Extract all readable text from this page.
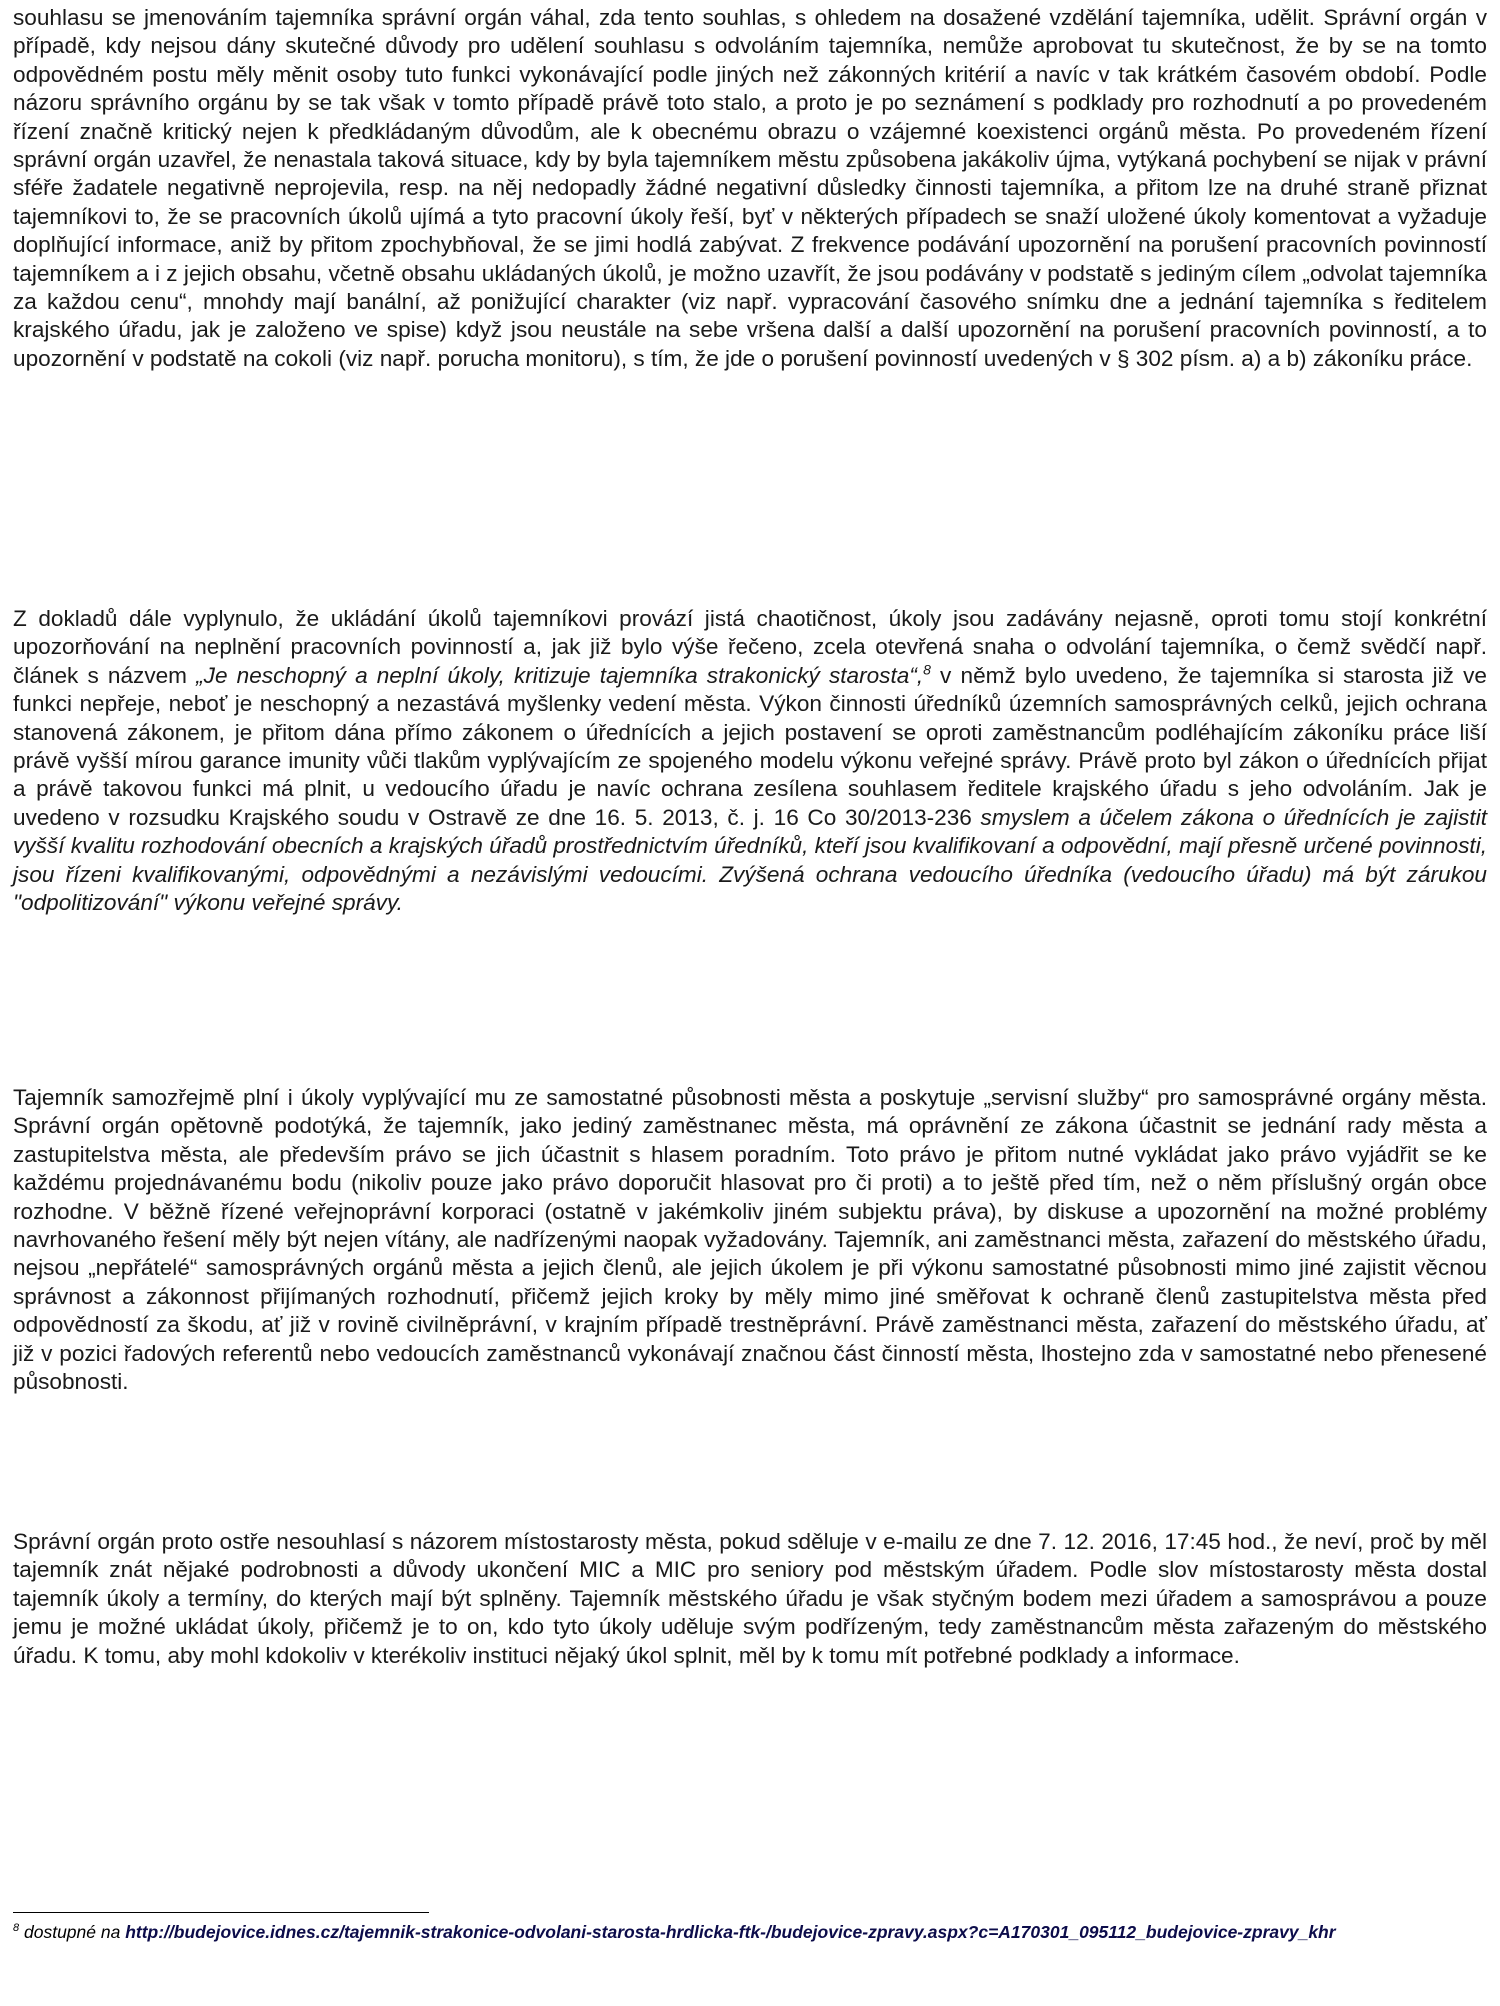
souhlasu se jmenováním tajemníka správní orgán váhal, zda tento souhlas, s ohledem na dosažené vzdělání tajemníka, udělit. Správní orgán v případě, kdy nejsou dány skutečné důvody pro udělení souhlasu s odvoláním tajemníka, nemůže aprobovat tu skutečnost, že by se na tomto odpovědném postu měly měnit osoby tuto funkci vykonávající podle jiných než zákonných kritérií a navíc v tak krátkém časovém období. Podle názoru správního orgánu by se tak však v tomto případě právě toto stalo, a proto je po seznámení s podklady pro rozhodnutí a po provedeném řízení značně kritický nejen k předkládaným důvodům, ale k obecnému obrazu o vzájemné koexistenci orgánů města. Po provedeném řízení správní orgán uzavřel, že nenastala taková situace, kdy by byla tajemníkem městu způsobena jakákoliv újma, vytýkaná pochybení se nijak v právní sféře žadatele negativně neprojevila, resp. na něj nedopadly žádné negativní důsledky činnosti tajemníka, a přitom lze na druhé straně přiznat tajemníkovi to, že se pracovních úkolů ujímá a tyto pracovní úkoly řeší, byť v některých případech se snaží uložené úkoly komentovat a vyžaduje doplňující informace, aniž by přitom zpochybňoval, že se jimi hodlá zabývat. Z frekvence podávání upozornění na porušení pracovních povinností tajemníkem a i z jejich obsahu, včetně obsahu ukládaných úkolů, je možno uzavřít, že jsou podávány v podstatě s jediným cílem „odvolat tajemníka za každou cenu“, mnohdy mají banální, až ponižující charakter (viz např. vypracování časového snímku dne a jednání tajemníka s ředitelem krajského úřadu, jak je založeno ve spise) když jsou neustále na sebe vršena další a další upozornění na porušení pracovních povinností, a to upozornění v podstatě na cokoli (viz např. porucha monitoru), s tím, že jde o porušení povinností uvedených v § 302 písm. a) a b) zákoníku práce.

Z dokladů dále vyplynulo, že ukládání úkolů tajemníkovi provází jistá chaotičnost, úkoly jsou zadávány nejasně, oproti tomu stojí konkrétní upozorňování na neplnění pracovních povinností a, jak již bylo výše řečeno, zcela otevřená snaha o odvolání tajemníka, o čemž svědčí např. článek s názvem „Je neschopný a neplní úkoly, kritizuje tajemníka strakonický starosta“,$^8$ v němž bylo uvedeno, že tajemníka si starosta již ve funkci nepřeje, neboť je neschopný a nezastává myšlenky vedení města. Výkon činnosti úředníků územních samosprávných celků, jejich ochrana stanovená zákonem, je přitom dána přímo zákonem o úřednících a jejich postavení se oproti zaměstnancům podléhajícím zákoníku práce liší právě vyšší mírou garance imunity vůči tlakům vyplývajícím ze spojeného modelu výkonu veřejné správy. Právě proto byl zákon o úřednících přijat a právě takovou funkci má plnit, u vedoucího úřadu je navíc ochrana zesílena souhlasem ředitele krajského úřadu s jeho odvoláním. Jak je uvedeno v rozsudku Krajského soudu v Ostravě ze dne 16. 5. 2013, č. j. 16 Co 30/2013-236 smyslem a účelem zákona o úřednících je zajistit vyšší kvalitu rozhodování obecních a krajských úřadů prostřednictvím úředníků, kteří jsou kvalifikovaní a odpovědní, mají přesně určené povinnosti, jsou řízeni kvalifikovanými, odpovědnými a nezávislými vedoucími. Zvýšená ochrana vedoucího úředníka (vedoucího úřadu) má být zárukou "odpolitizování" výkonu veřejné správy.

Tajemník samozřejmě plní i úkoly vyplývající mu ze samostatné působnosti města a poskytuje „servisní služby“ pro samosprávné orgány města. Správní orgán opětovně podotýká, že tajemník, jako jediný zaměstnanec města, má oprávnění ze zákona účastnit se jednání rady města a zastupitelstva města, ale především právo se jich účastnit s hlasem poradním. Toto právo je přitom nutné vykládat jako právo vyjádřit se ke každému projednávanému bodu (nikoliv pouze jako právo doporučit hlasovat pro či proti) a to ještě před tím, než o něm příslušný orgán obce rozhodne. V běžně řízené veřejnoprávní korporaci (ostatně v jakémkoliv jiném subjektu práva), by diskuse a upozornění na možné problémy navrhovaného řešení měly být nejen vítány, ale nadřízenými naopak vyžadovány. Tajemník, ani zaměstnanci města, zařazení do městského úřadu, nejsou „nepřátelé“ samosprávných orgánů města a jejich členů, ale jejich úkolem je při výkonu samostatné působnosti mimo jiné zajistit věcnou správnost a zákonnost přijímaných rozhodnutí, přičemž jejich kroky by měly mimo jiné směřovat k ochraně členů zastupitelstva města před odpovědností za škodu, ať již v rovině civilněprávní, v krajním případě trestněprávní. Právě zaměstnanci města, zařazení do městského úřadu, ať již v pozici řadových referentů nebo vedoucích zaměstnanců vykonávají značnou část činností města, lhostejno zda v samostatné nebo přenesené působnosti.

Správní orgán proto ostře nesouhlasí s názorem místostarosty města, pokud sděluje v e-mailu ze dne 7. 12. 2016, 17:45 hod., že neví, proč by měl tajemník znát nějaké podrobnosti a důvody ukončení MIC a MIC pro seniory pod městským úřadem. Podle slov místostarosty města dostal tajemník úkoly a termíny, do kterých mají být splněny. Tajemník městského úřadu je však styčným bodem mezi úřadem a samosprávou a pouze jemu je možné ukládat úkoly, přičemž je to on, kdo tyto úkoly uděluje svým podřízeným, tedy zaměstnancům města zařazeným do městského úřadu. K tomu, aby mohl kdokoliv v kterékoliv instituci nějaký úkol splnit, měl by k tomu mít potřebné podklady a informace.

$^8$ dostupné na http://budejovice.idnes.cz/tajemnik-strakonice-odvolani-starosta-hrdlicka-ftk-/budejovice-zpravy.aspx?c=A170301_095112_budejovice-zpravy_khr
